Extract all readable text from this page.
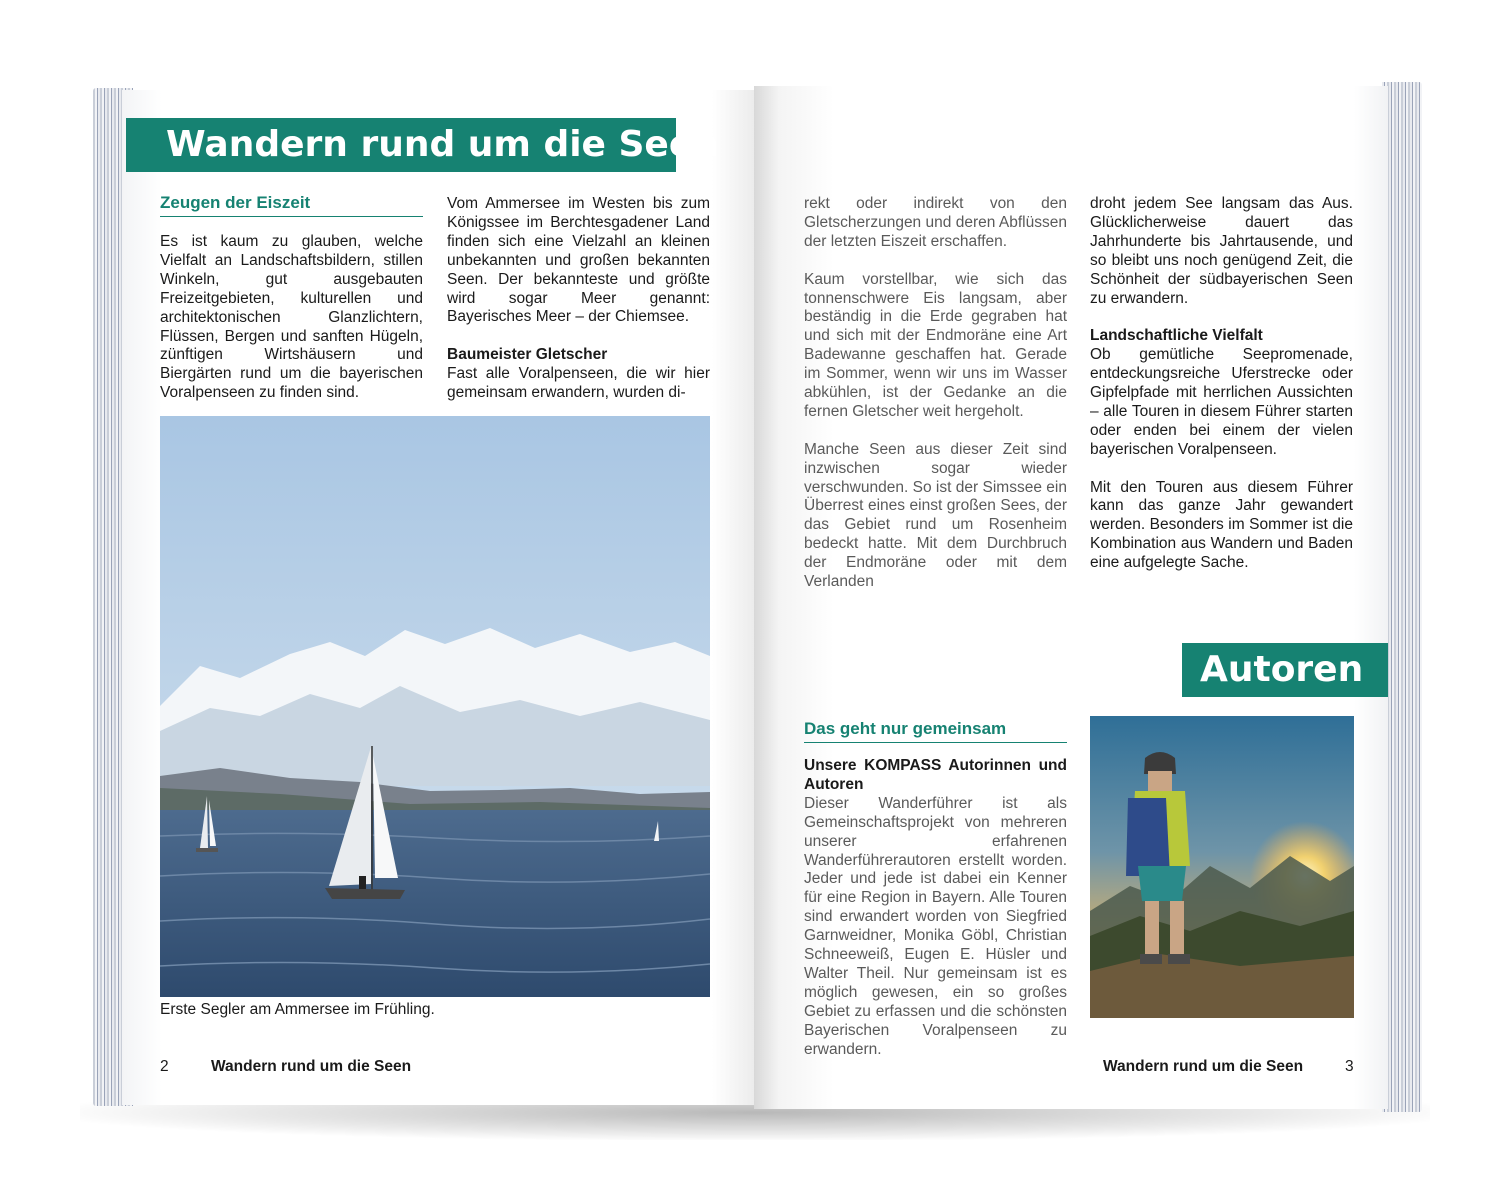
Wandern rund um die Seen
Zeugen der Eiszeit

Es ist kaum zu glauben, welche Vielfalt an Landschaftsbildern, stillen Winkeln, gut ausgebauten Freizeitgebieten, kulturellen und architektonischen Glanzlichtern, Flüssen, Bergen und sanften Hügeln, zünftigen Wirtshäusern und Biergärten rund um die bayerischen Voralpenseen zu finden sind.

Vom Ammersee im Westen bis zum Königssee im Berchtesgadener Land finden sich eine Vielzahl an kleinen unbekannten und großen bekannten Seen. Der bekannteste und größte wird sogar Meer genannt: Bayerisches Meer – der Chiemsee.

Baumeister Gletscher
Fast alle Voralpenseen, die wir hier gemeinsam erwandern, wurden di-
Erste Segler am Ammersee im Frühling.
2	Wandern rund um die Seen

rekt oder indirekt von den Gletscherzungen und deren Abflüssen der letzten Eiszeit erschaffen.

Kaum vorstellbar, wie sich das tonnenschwere Eis langsam, aber beständig in die Erde gegraben hat und sich mit der Endmoräne eine Art Badewanne geschaffen hat. Gerade im Sommer, wenn wir uns im Wasser abkühlen, ist der Gedanke an die fernen Gletscher weit hergeholt.

Manche Seen aus dieser Zeit sind inzwischen sogar wieder verschwunden. So ist der Simssee ein Überrest eines einst großen Sees, der das Gebiet rund um Rosenheim bedeckt hatte. Mit dem Durchbruch der Endmoräne oder mit dem Verlanden

droht jedem See langsam das Aus. Glücklicherweise dauert das Jahrhunderte bis Jahrtausende, und so bleibt uns noch genügend Zeit, die Schönheit der südbayerischen Seen zu erwandern.

Landschaftliche Vielfalt

Ob gemütliche Seepromenade, entdeckungsreiche Uferstrecke oder Gipfelpfade mit herrlichen Aussichten – alle Touren in diesem Führer starten oder enden bei einem der vielen bayerischen Voralpenseen.

Mit den Touren aus diesem Führer kann das ganze Jahr gewandert werden. Besonders im Sommer ist die Kombination aus Wandern und Baden eine aufgelegte Sache.

Autoren
Das geht nur gemeinsam
Unsere KOMPASS Autorinnen und Autoren
Dieser Wanderführer ist als Gemeinschaftsprojekt von mehreren unserer erfahrenen Wanderführerautoren erstellt worden. Jeder und jede ist dabei ein Kenner für eine Region in Bayern. Alle Touren sind erwandert worden von Siegfried Garnweidner, Monika Göbl, Christian Schneeweiß, Eugen E. Hüsler und Walter Theil. Nur gemeinsam ist es möglich gewesen, ein so großes Gebiet zu erfassen und die schönsten Bayerischen Voralpenseen zu erwandern.
Wandern rund um die Seen	3
